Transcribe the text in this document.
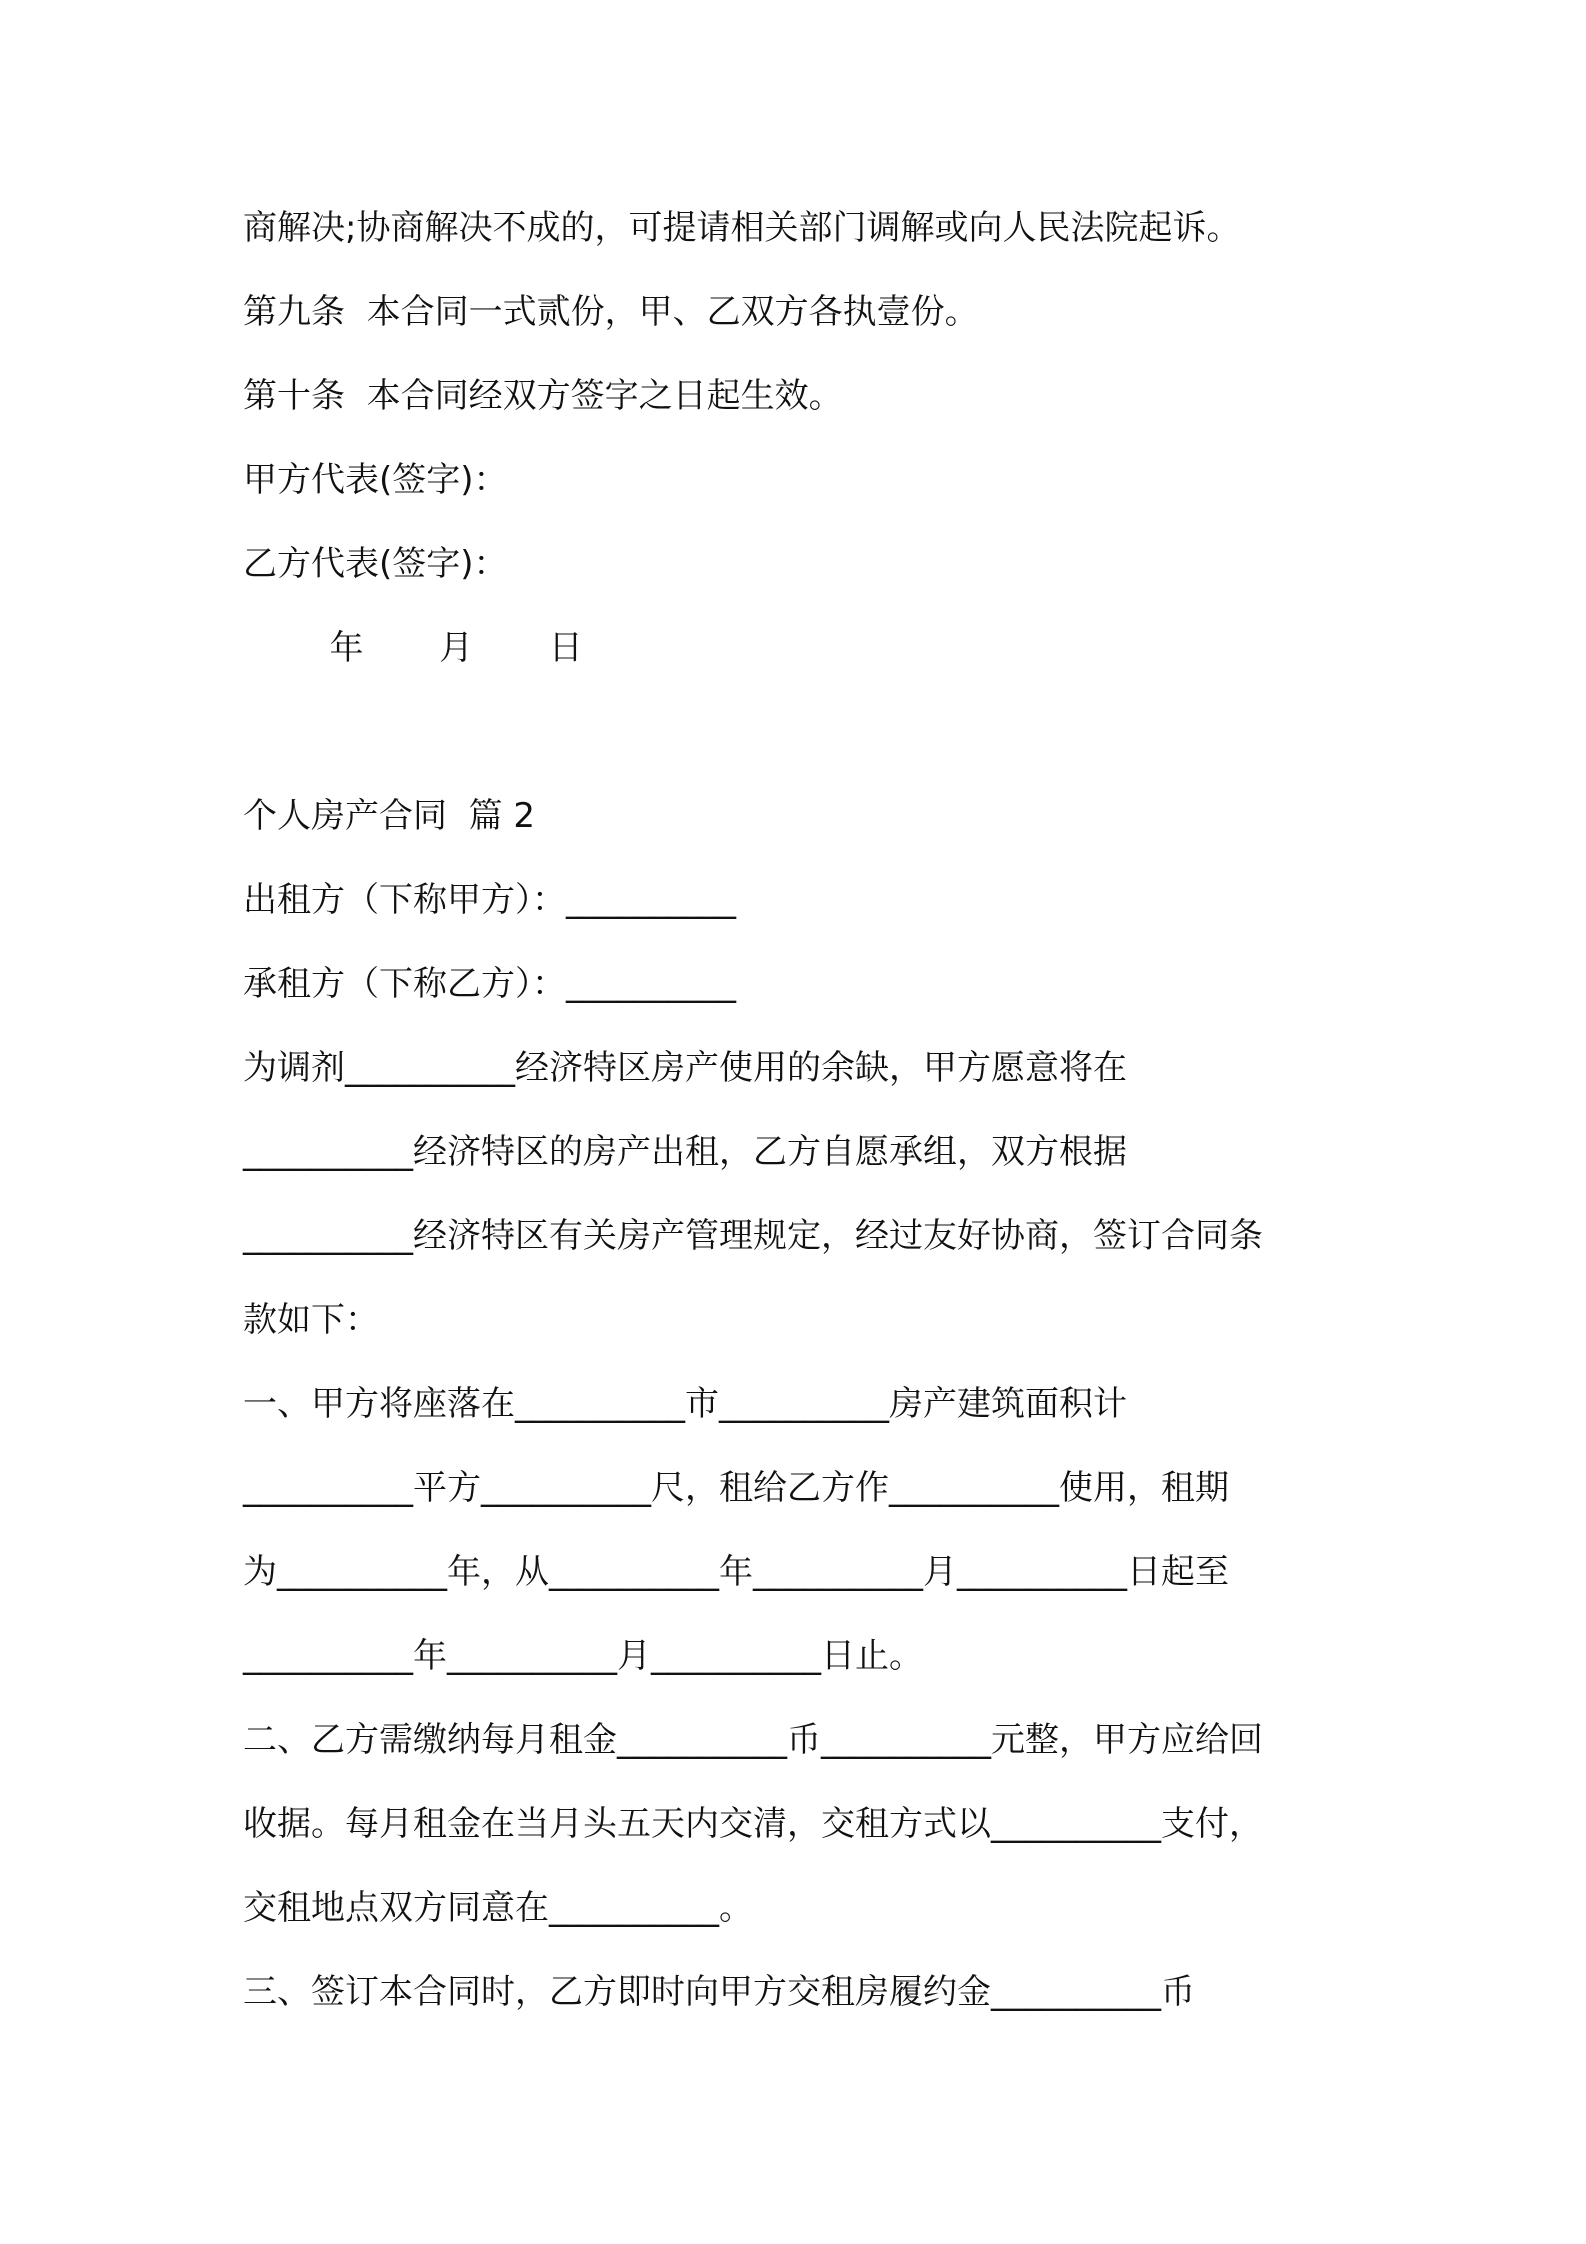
商解决;协商解决不成的，可提请相关部门调解或向人民法院起诉。

第九条  本合同一式贰份，甲、乙双方各执壹份。

第十条  本合同经双方签字之日起生效。

甲方代表(签字)：

乙方代表(签字)：

年       月       日

个人房产合同  篇 2

出租方（下称甲方）：__________

承租方（下称乙方）：__________

为调剂__________经济特区房产使用的余缺，甲方愿意将在

__________经济特区的房产出租，乙方自愿承组，双方根据

__________经济特区有关房产管理规定，经过友好协商，签订合同条

款如下：

一、甲方将座落在__________市__________房产建筑面积计

__________平方__________尺，租给乙方作__________使用，租期

为__________年，从__________年__________月__________日起至

__________年__________月__________日止。

二、乙方需缴纳每月租金__________币__________元整，甲方应给回

收据。每月租金在当月头五天内交清，交租方式以__________支付，

交租地点双方同意在__________。

三、签订本合同时，乙方即时向甲方交租房履约金__________币
